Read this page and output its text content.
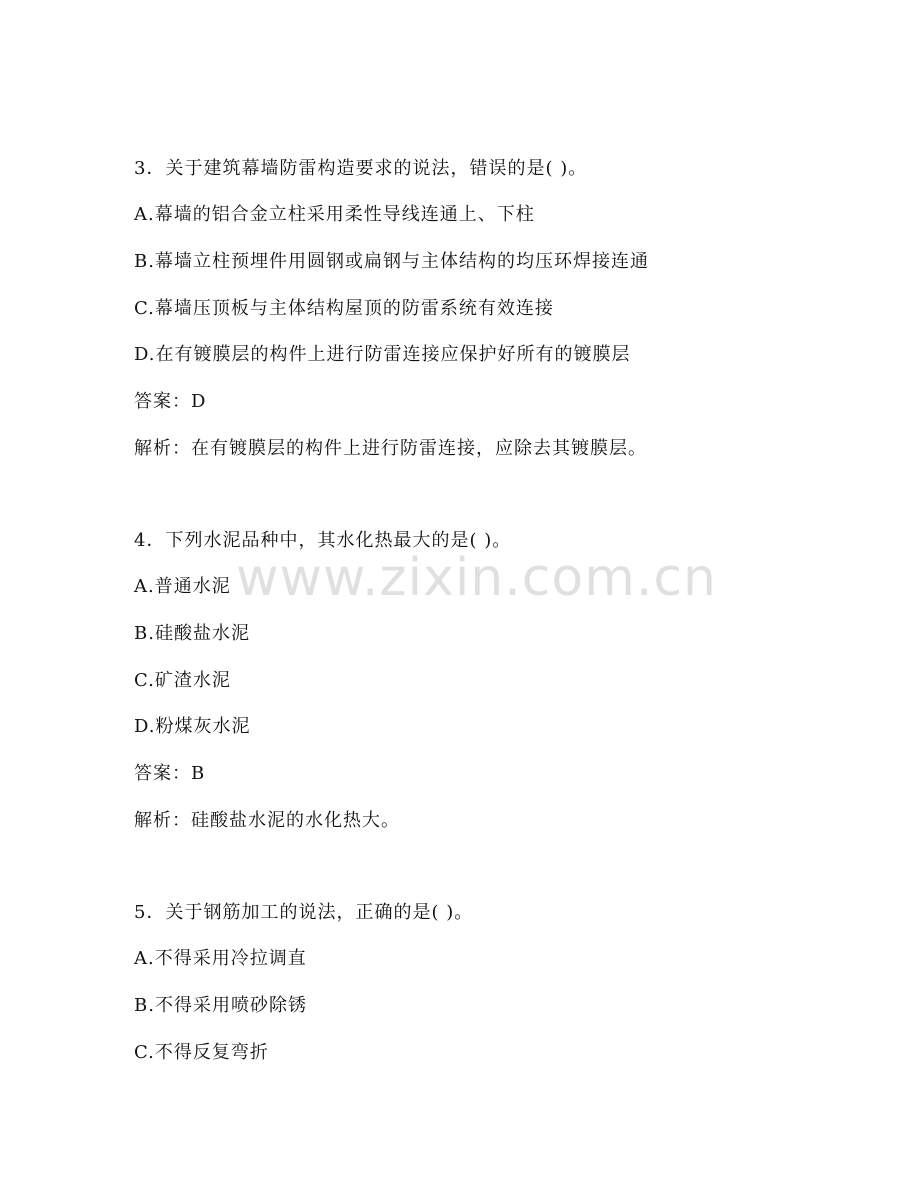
www.zixin.com.cn
3．关于建筑幕墙防雷构造要求的说法，错误的是( )。
A.幕墙的铝合金立柱采用柔性导线连通上、下柱
B.幕墙立柱预埋件用圆钢或扁钢与主体结构的均压环焊接连通
C.幕墙压顶板与主体结构屋顶的防雷系统有效连接
D.在有镀膜层的构件上进行防雷连接应保护好所有的镀膜层
答案：D
解析：在有镀膜层的构件上进行防雷连接，应除去其镀膜层。
4．下列水泥品种中，其水化热最大的是( )。
A.普通水泥
B.硅酸盐水泥
C.矿渣水泥
D.粉煤灰水泥
答案：B
解析：硅酸盐水泥的水化热大。
5．关于钢筋加工的说法，正确的是( )。
A.不得采用冷拉调直
B.不得采用喷砂除锈
C.不得反复弯折
